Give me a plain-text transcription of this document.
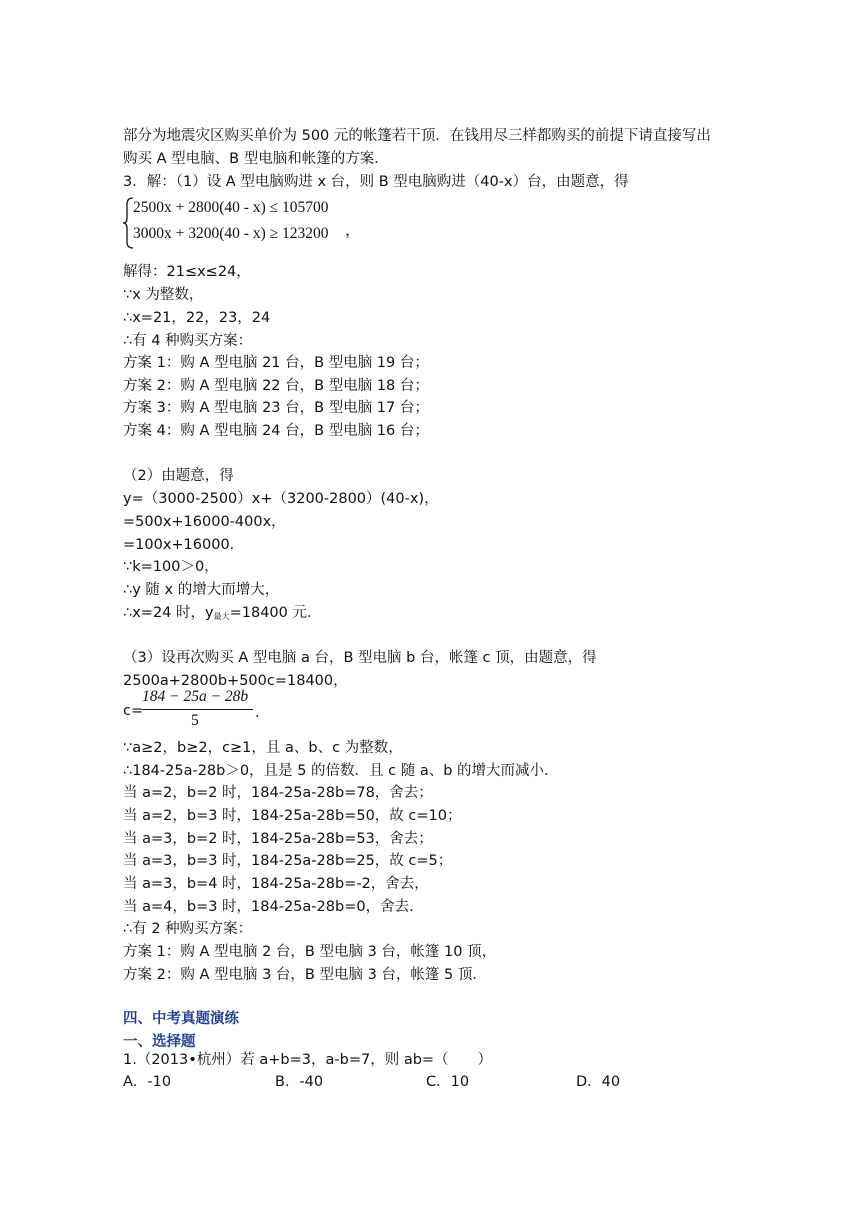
部分为地震灾区购买单价为 500 元的帐篷若干顶．在钱用尽三样都购买的前提下请直接写出
购买 A 型电脑、B 型电脑和帐篷的方案．
3．解：（1）设 A 型电脑购进 x 台，则 B 型电脑购进（40-x）台，由题意，得
2500x + 2800(40 - x) ≤ 105700
3000x + 3200(40 - x) ≥ 123200 ，
解得：21≤x≤24，
∵x 为整数，
∴x=21，22，23，24
∴有 4 种购买方案：
方案 1：购 A 型电脑 21 台，B 型电脑 19 台；
方案 2：购 A 型电脑 22 台，B 型电脑 18 台；
方案 3：购 A 型电脑 23 台，B 型电脑 17 台；
方案 4：购 A 型电脑 24 台，B 型电脑 16 台；
（2）由题意，得
y=（3000-2500）x+（3200-2800）(40-x)，
=500x+16000-400x，
=100x+16000．
∵k=100＞0，
∴y 随 x 的增大而增大，
∴x=24 时，$y_{最大}=18400$ 元．
（3）设再次购买 A 型电脑 a 台，B 型电脑 b 台，帐篷 c 顶，由题意，得
2500a+2800b+500c=18400，
c=
184 − 25a − 28b
5	．
∵a≥2，b≥2，c≥1，且 a、b、c 为整数，
∴184-25a-28b＞0，且是 5 的倍数．且 c 随 a、b 的增大而减小．
当 a=2，b=2 时，184-25a-28b=78，舍去；
当 a=2，b=3 时，184-25a-28b=50，故 c=10；
当 a=3，b=2 时，184-25a-28b=53，舍去；
当 a=3，b=3 时，184-25a-28b=25，故 c=5；
当 a=3，b=4 时，184-25a-28b=-2，舍去，
当 a=4，b=3 时，184-25a-28b=0，舍去．
∴有 2 种购买方案：
方案 1：购 A 型电脑 2 台，B 型电脑 3 台，帐篷 10 顶，
方案 2：购 A 型电脑 3 台，B 型电脑 3 台，帐篷 5 顶．
四、中考真题演练
一、选择题
1.（2013•杭州）若 a+b=3，a-b=7，则 ab=（　　）
A．-10	B．-40	C．10	D．40
